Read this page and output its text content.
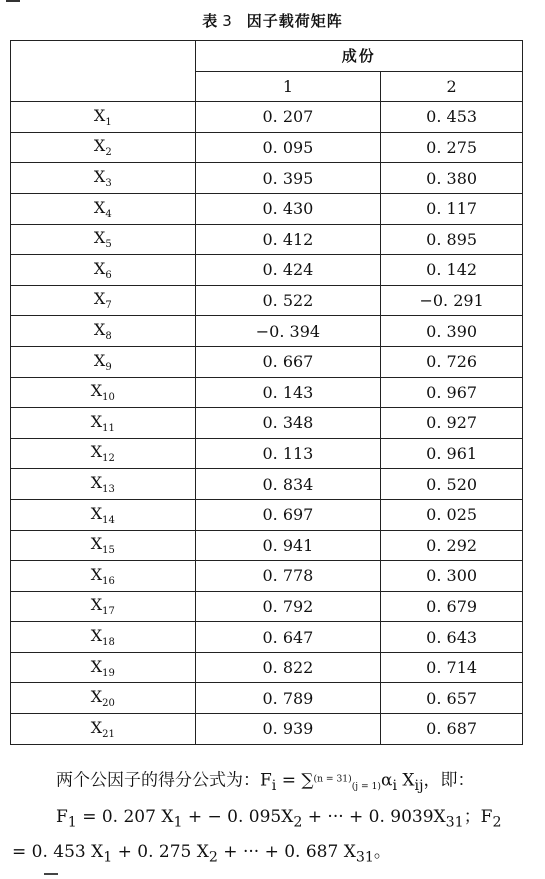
表 3 因子载荷矩阵
	成份	
	1	2
$X_1$	0. 207	0. 453
$X_2$	0. 095	0. 275
$X_3$	0. 395	0. 380
$X_4$	0. 430	0. 117
$X_5$	0. 412	0. 895
$X_6$	0. 424	0. 142
$X_7$	0. 522	−0. 291
$X_8$	−0. 394	0. 390
$X_9$	0. 667	0. 726
$X_{10}$	0. 143	0. 967
$X_{11}$	0. 348	0. 927
$X_{12}$	0. 113	0. 961
$X_{13}$	0. 834	0. 520
$X_{14}$	0. 697	0. 025
$X_{15}$	0. 941	0. 292
$X_{16}$	0. 778	0. 300
$X_{17}$	0. 792	0. 679
$X_{18}$	0. 647	0. 643
$X_{19}$	0. 822	0. 714
$X_{20}$	0. 789	0. 657
$X_{21}$	0. 939	0. 687

两个公因子的得分公式为：$F_i = \sum^{(n = 31)}_{(j = 1)}\alpha_i$ $X_{ij}$，即：

$F_1 = 0$. 207 $X_1$ + − 0. $095X_2$ + ··· + 0. $9039X_{31}$；$F_2$

= 0. 453 $X_1 + 0$. 275 $X_2$ + ··· + 0. 687 $X_{31}$。
